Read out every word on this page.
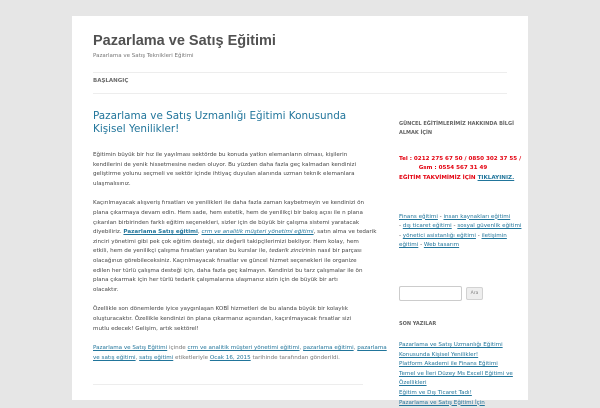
Pazarlama ve Satış Eğitimi
Pazarlama ve Satış Teknikleri Eğitimi
BAŞLANGIÇ
Pazarlama ve Satış Uzmanlığı Eğitimi Konusunda Kişisel Yenilikler!
Eğitimin büyük bir hız ile yayılması sektörde bu konuda yatkın elemanların olması, kişilerin
kendilerini de yenik hissetmesine neden oluyor. Bu yüzden daha fazla geç kalmadan kendinizi
geliştirme yolunu seçmeli ve sektör içinde ihtiyaç duyulan alanında uzman teknik elemanlara
ulaşmalısınız.
Kaçırılmayacak alışveriş fırsatları ve yenilikleri ile daha fazla zaman kaybetmeyin ve kendinizi ön
plana çıkarmaya devam edin. Hem sade, hem estetik, hem de yenilikçi bir bakış açısı ile n plana
çıkarılan birbirinden farklı eğitim seçenekleri, sizler için de büyük bir çalışma sistemi yaratacak
diyebiliriz. Pazarlama Satış eğitimi, crm ve analitik müşteri yönetimi eğitimi, satın alma ve tedarik
zinciri yönetimi gibi pek çok eğitim desteği, siz değerli takipçilerimizi bekliyor. Hem kolay, hem
etkili, hem de yenilikçi çalışma fırsatları yaratan bu kurslar ile, tedarik zincirinin nasıl bir parçası
olacağınızı görebileceksiniz. Kaçırılmayacak fırsatlar ve güncel hizmet seçenekleri ile organize
edilen her türlü çalışma desteği için, daha fazla geç kalmayın. Kendinizi bu tarz çalışmalar ile ön
plana çıkarmak için her türlü tedarik çalışmalarına ulaşmanız sizin için de büyük bir artı
olacaktır.
Özellikle son dönemlerde iyice yaygınlaşan KOBİ hizmetleri de bu alanda büyük bir kolaylık
oluşturacaktır. Özellikle kendinizi ön plana çıkarmanız açısından, kaçırılmayacak fırsatlar sizi
mutlu edecek! Gelişim, artık sektörel!
Pazarlama ve Satış Eğitimi içinde crm ve analitik müşteri yönetimi eğitimi, pazarlama eğitimi, pazarlama
ve satış eğitimi, satış eğitimi etiketleriyle Ocak 16, 2015 tarihinde tarafından gönderildi.
GÜNCEL EĞİTİMLERİMİZ HAKKINDA BİLGİ
ALMAK İÇİN
Tel : 0212 275 67 50 / 0850 302 37 55 /
Gsm : 0554 567 31 49
EĞİTİM TAKVİMİMİZ İÇİN TIKLAYINIZ.
Finans eğitimi - insan kaynakları eğitimi
- dış ticaret eğitimi - sosyal güvenlik eğitimi
- yönetici asistanlığı eğitimi - iletişimin
eğitimi - Web tasarım
Ara
SON YAZILAR
Pazarlama ve Satış Uzmanlığı Eğitimi
Konusunda Kişisel Yenilikler!
Platform Akademi ile Finans Eğitimi
Temel ve İleri Düzey Ms Excell Eğitimi ve
Özellikleri
Eğitim ve Dış Ticaret Tadı!
Pazarlama ve Satış Eğitimi İçin
